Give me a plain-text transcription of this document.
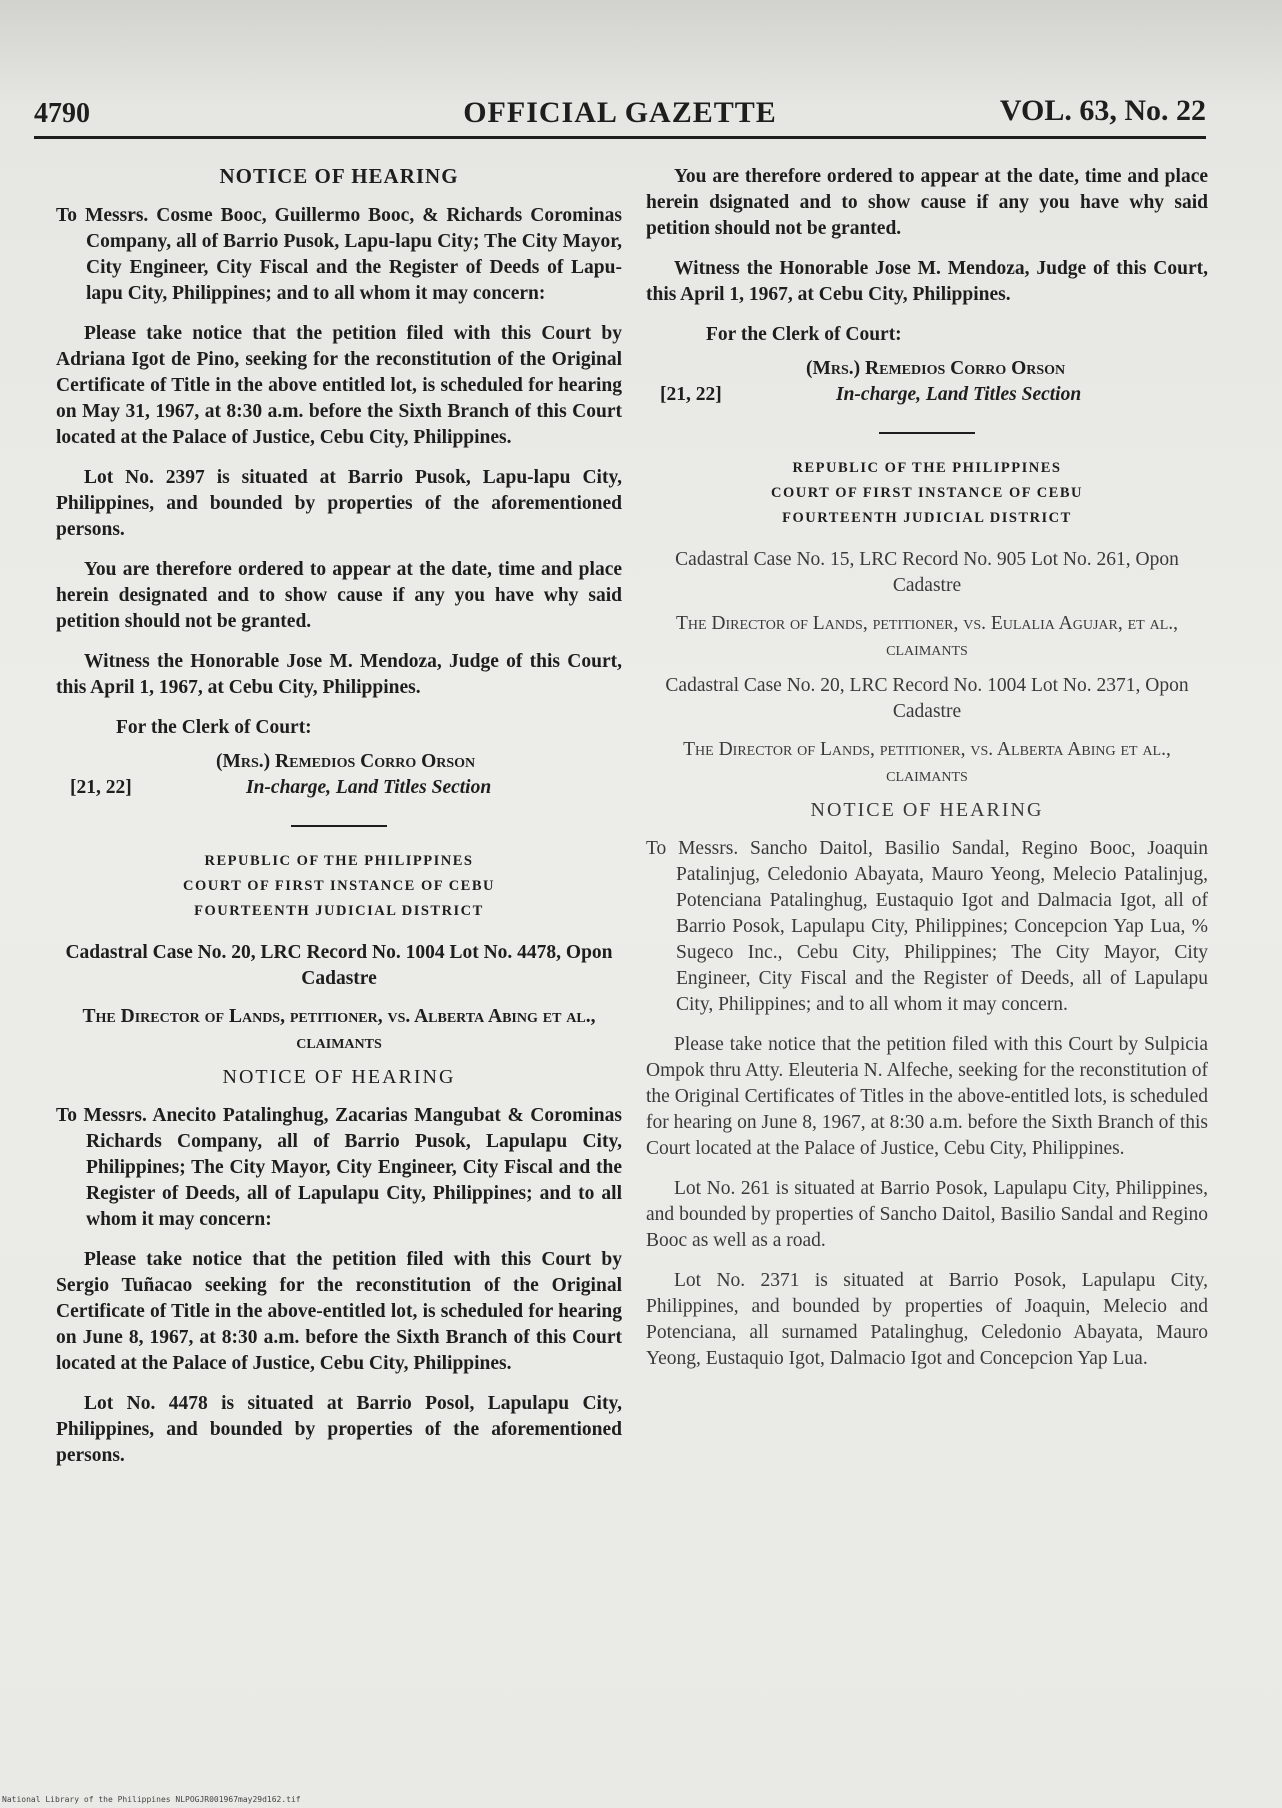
4790	OFFICIAL GAZETTE	VOL. 63, No. 22
NOTICE OF HEARING

To Messrs. Cosme Booc, Guillermo Booc, & Richards Corominas Company, all of Barrio Pusok, Lapu-lapu City; The City Mayor, City Engineer, City Fiscal and the Register of Deeds of Lapu-lapu City, Philippines; and to all whom it may concern:

Please take notice that the petition filed with this Court by Adriana Igot de Pino, seeking for the reconstitution of the Original Certificate of Title in the above entitled lot, is scheduled for hearing on May 31, 1967, at 8:30 a.m. before the Sixth Branch of this Court located at the Palace of Justice, Cebu City, Philippines.

Lot No. 2397 is situated at Barrio Pusok, Lapu-lapu City, Philippines, and bounded by properties of the aforementioned persons.

You are therefore ordered to appear at the date, time and place herein designated and to show cause if any you have why said petition should not be granted.

Witness the Honorable Jose M. Mendoza, Judge of this Court, this April 1, 1967, at Cebu City, Philippines.

For the Clerk of Court:

(Mrs.) Remedios Corro Orson
[21, 22]	In-charge, Land Titles Section
REPUBLIC OF THE PHILIPPINES
COURT OF FIRST INSTANCE OF CEBU
FOURTEENTH JUDICIAL DISTRICT

Cadastral Case No. 20, LRC Record No. 1004 Lot No. 4478, Opon Cadastre

The Director of Lands, petitioner, vs. Alberta Abing et al., claimants

NOTICE OF HEARING

To Messrs. Anecito Patalinghug, Zacarias Mangubat & Corominas Richards Company, all of Barrio Pusok, Lapulapu City, Philippines; The City Mayor, City Engineer, City Fiscal and the Register of Deeds, all of Lapulapu City, Philippines; and to all whom it may concern:

Please take notice that the petition filed with this Court by Sergio Tuñacao seeking for the reconstitution of the Original Certificate of Title in the above-entitled lot, is scheduled for hearing on June 8, 1967, at 8:30 a.m. before the Sixth Branch of this Court located at the Palace of Justice, Cebu City, Philippines.

Lot No. 4478 is situated at Barrio Posol, Lapulapu City, Philippines, and bounded by properties of the aforementioned persons.

You are therefore ordered to appear at the date, time and place herein dsignated and to show cause if any you have why said petition should not be granted.

Witness the Honorable Jose M. Mendoza, Judge of this Court, this April 1, 1967, at Cebu City, Philippines.

For the Clerk of Court:

(Mrs.) Remedios Corro Orson
[21, 22]	In-charge, Land Titles Section
REPUBLIC OF THE PHILIPPINES
COURT OF FIRST INSTANCE OF CEBU
FOURTEENTH JUDICIAL DISTRICT

Cadastral Case No. 15, LRC Record No. 905 Lot No. 261, Opon Cadastre

The Director of Lands, petitioner, vs. Eulalia Agujar, et al., claimants

Cadastral Case No. 20, LRC Record No. 1004 Lot No. 2371, Opon Cadastre

The Director of Lands, petitioner, vs. Alberta Abing et al., claimants

NOTICE OF HEARING

To Messrs. Sancho Daitol, Basilio Sandal, Regino Booc, Joaquin Patalinjug, Celedonio Abayata, Mauro Yeong, Melecio Patalinjug, Potenciana Patalinghug, Eustaquio Igot and Dalmacia Igot, all of Barrio Posok, Lapulapu City, Philippines; Concepcion Yap Lua, % Sugeco Inc., Cebu City, Philippines; The City Mayor, City Engineer, City Fiscal and the Register of Deeds, all of Lapulapu City, Philippines; and to all whom it may concern.

Please take notice that the petition filed with this Court by Sulpicia Ompok thru Atty. Eleuteria N. Alfeche, seeking for the reconstitution of the Original Certificates of Titles in the above-entitled lots, is scheduled for hearing on June 8, 1967, at 8:30 a.m. before the Sixth Branch of this Court located at the Palace of Justice, Cebu City, Philippines.

Lot No. 261 is situated at Barrio Posok, Lapulapu City, Philippines, and bounded by properties of Sancho Daitol, Basilio Sandal and Regino Booc as well as a road.

Lot No. 2371 is situated at Barrio Posok, Lapulapu City, Philippines, and bounded by properties of Joaquin, Melecio and Potenciana, all surnamed Patalinghug, Celedonio Abayata, Mauro Yeong, Eustaquio Igot, Dalmacio Igot and Concepcion Yap Lua.

National Library of the Philippines NLPOGJR001967may29d162.tif
